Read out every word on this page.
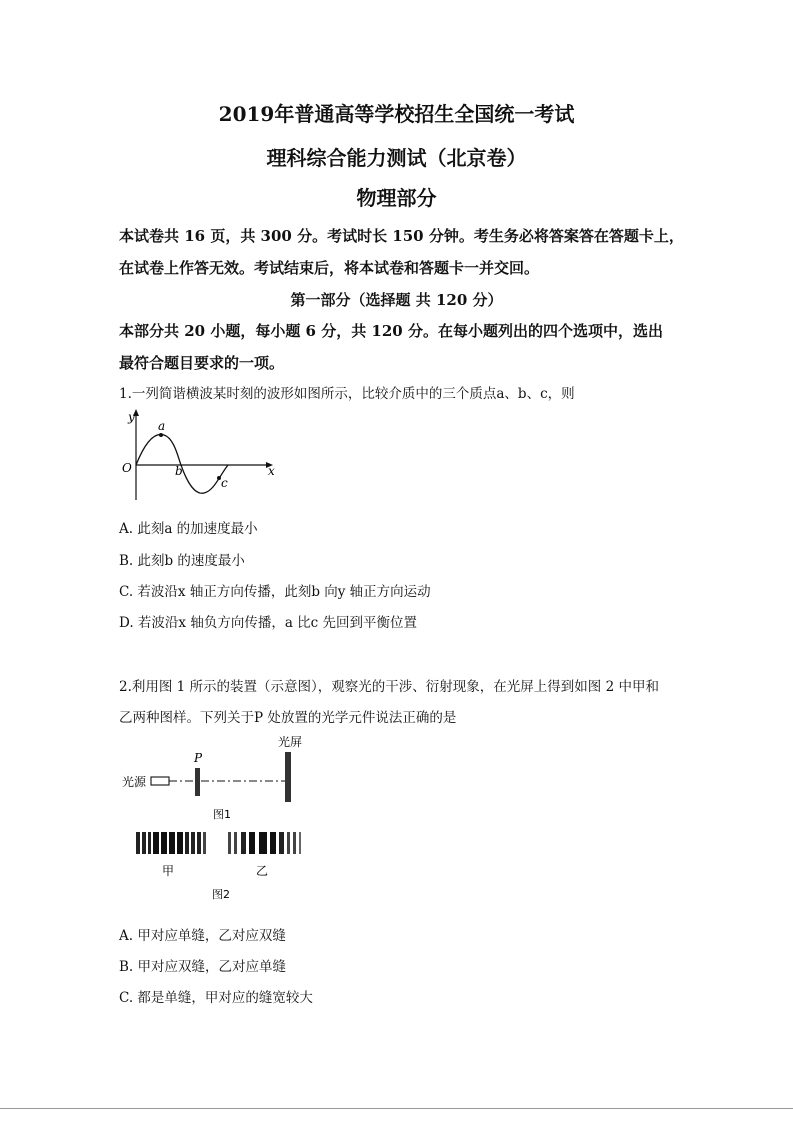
2019年普通高等学校招生全国统一考试
理科综合能力测试（北京卷）
物理部分
本试卷共 16 页，共 300 分。考试时长 150 分钟。考生务必将答案答在答题卡上，
在试卷上作答无效。考试结束后，将本试卷和答题卡一并交回。
第一部分（选择题 共 120 分）
本部分共 20 小题，每小题 6 分，共 120 分。在每小题列出的四个选项中，选出
最符合题目要求的一项。
1.一列简谐横波某时刻的波形如图所示，比较介质中的三个质点a、b、c，则
y
x
O
a
b
c
A. 此刻a 的加速度最小
B. 此刻b 的速度最小
C. 若波沿x 轴正方向传播，此刻b 向y 轴正方向运动
D. 若波沿x 轴负方向传播，a 比c 先回到平衡位置
2.利用图 1 所示的装置（示意图），观察光的干涉、衍射现象，在光屏上得到如图 2 中甲和
乙两种图样。下列关于P 处放置的光学元件说法正确的是
光源
P
光屏
图1
甲	乙
图2
A. 甲对应单缝，乙对应双缝
B. 甲对应双缝，乙对应单缝
C. 都是单缝，甲对应的缝宽较大
